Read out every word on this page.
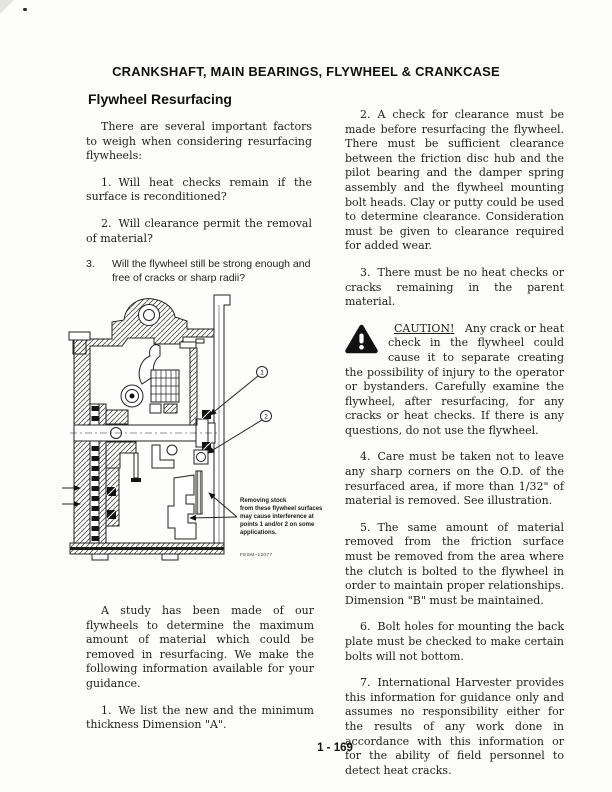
CRANKSHAFT, MAIN BEARINGS, FLYWHEEL & CRANKCASE
Flywheel Resurfacing

There are several important factors to weigh when considering resurfacing flywheels:

1. Will heat checks remain if the surface is reconditioned?

2. Will clearance permit the removal of material?

3. Will the flywheel still be strong enough and free of cracks or sharp radii?

1
2
Removing stock
from these flywheel surfaces
may cause interference at
points 1 and/or 2 on some
applications.
FESM–12077

A study has been made of our flywheels to determine the maximum amount of material which could be removed in resurfacing. We make the following information available for your guidance.

1. We list the new and the minimum thickness Dimension "A".

2. A check for clearance must be made before resurfacing the flywheel. There must be sufficient clearance between the friction disc hub and the pilot bearing and the damper spring assembly and the flywheel mounting bolt heads. Clay or putty could be used to determine clearance. Consideration must be given to clearance required for added wear.

3. There must be no heat checks or cracks remaining in the parent material.

CAUTION! Any crack or heat check in the flywheel could cause it to separate creating the possibility of injury to the operator or bystanders. Carefully examine the flywheel, after resurfacing, for any cracks or heat checks. If there is any questions, do not use the flywheel.

4. Care must be taken not to leave any sharp corners on the O.D. of the resurfaced area, if more than 1/32" of material is removed. See illustration.

5. The same amount of material removed from the friction surface must be removed from the area where the clutch is bolted to the flywheel in order to maintain proper relationships. Dimension "B" must be maintained.

6. Bolt holes for mounting the back plate must be checked to make certain bolts will not bottom.

7. International Harvester provides this information for guidance only and assumes no responsibility either for the results of any work done in accordance with this information or for the ability of field personnel to detect heat cracks.

1 - 169
